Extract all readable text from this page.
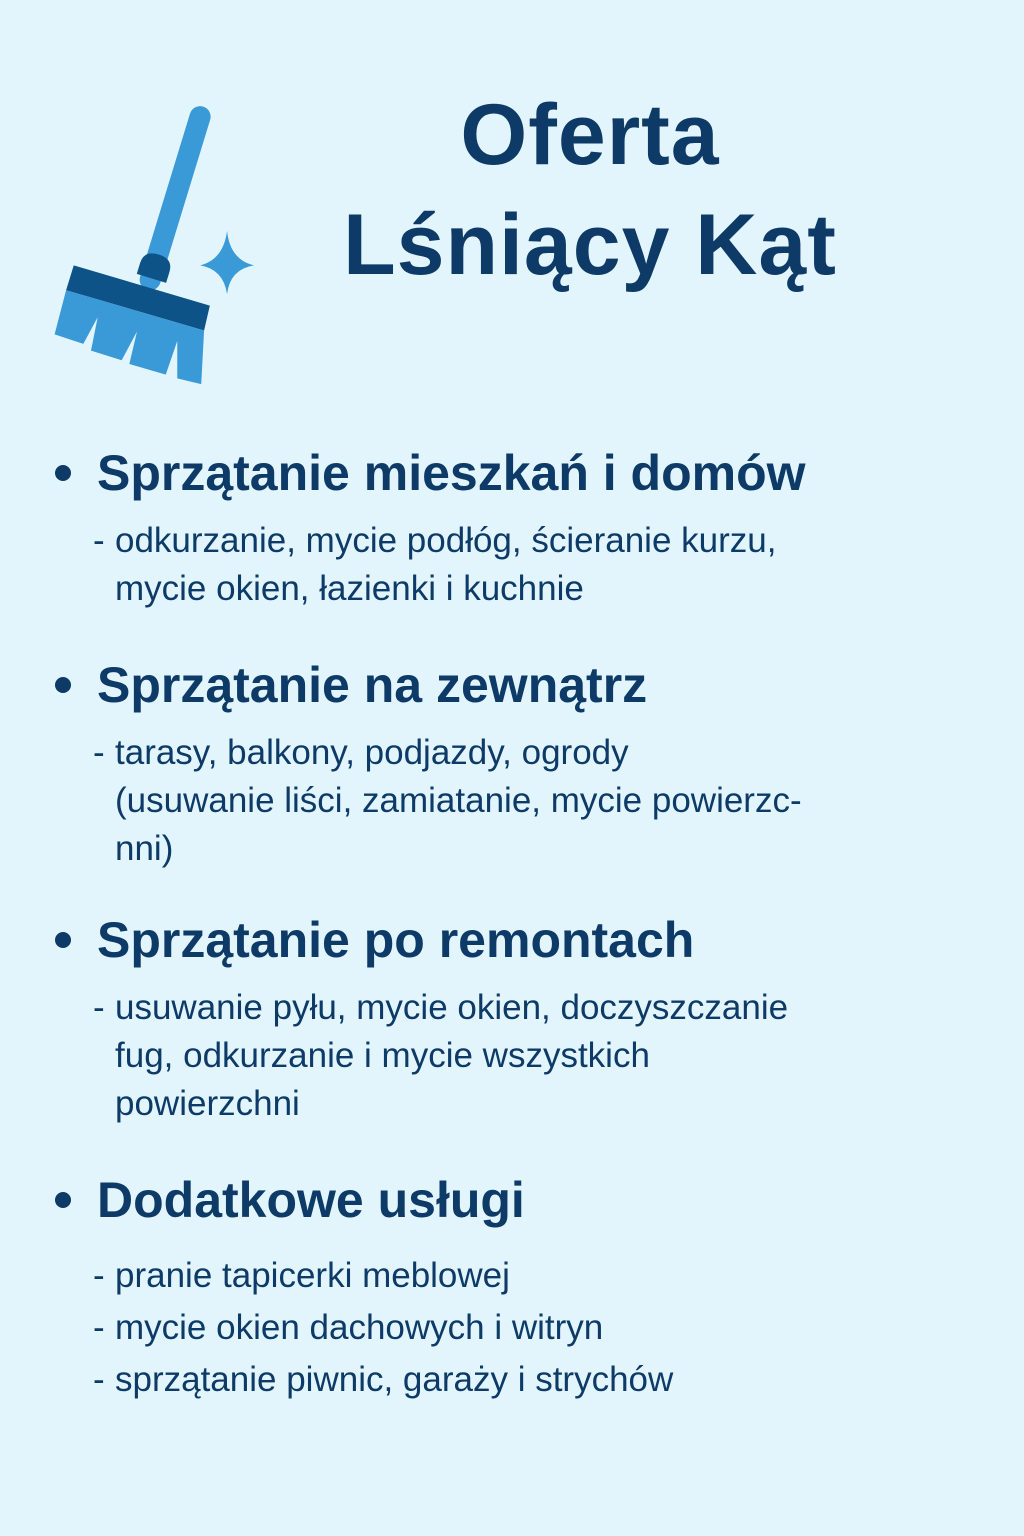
Oferta
Lśniący Kąt
Sprzątanie mieszkań i domów
- odkurzanie, mycie podłóg, ścieranie kurzu,
mycie okien, łazienki i kuchnie
Sprzątanie na zewnątrz
- tarasy, balkony, podjazdy, ogrody
(usuwanie liści, zamiatanie, mycie powierzc-
nni)
Sprzątanie po remontach
- usuwanie pyłu, mycie okien, doczyszczanie
fug, odkurzanie i mycie wszystkich
powierzchni
Dodatkowe usługi
- pranie tapicerki meblowej
- mycie okien dachowych i witryn
- sprzątanie piwnic, garaży i strychów
